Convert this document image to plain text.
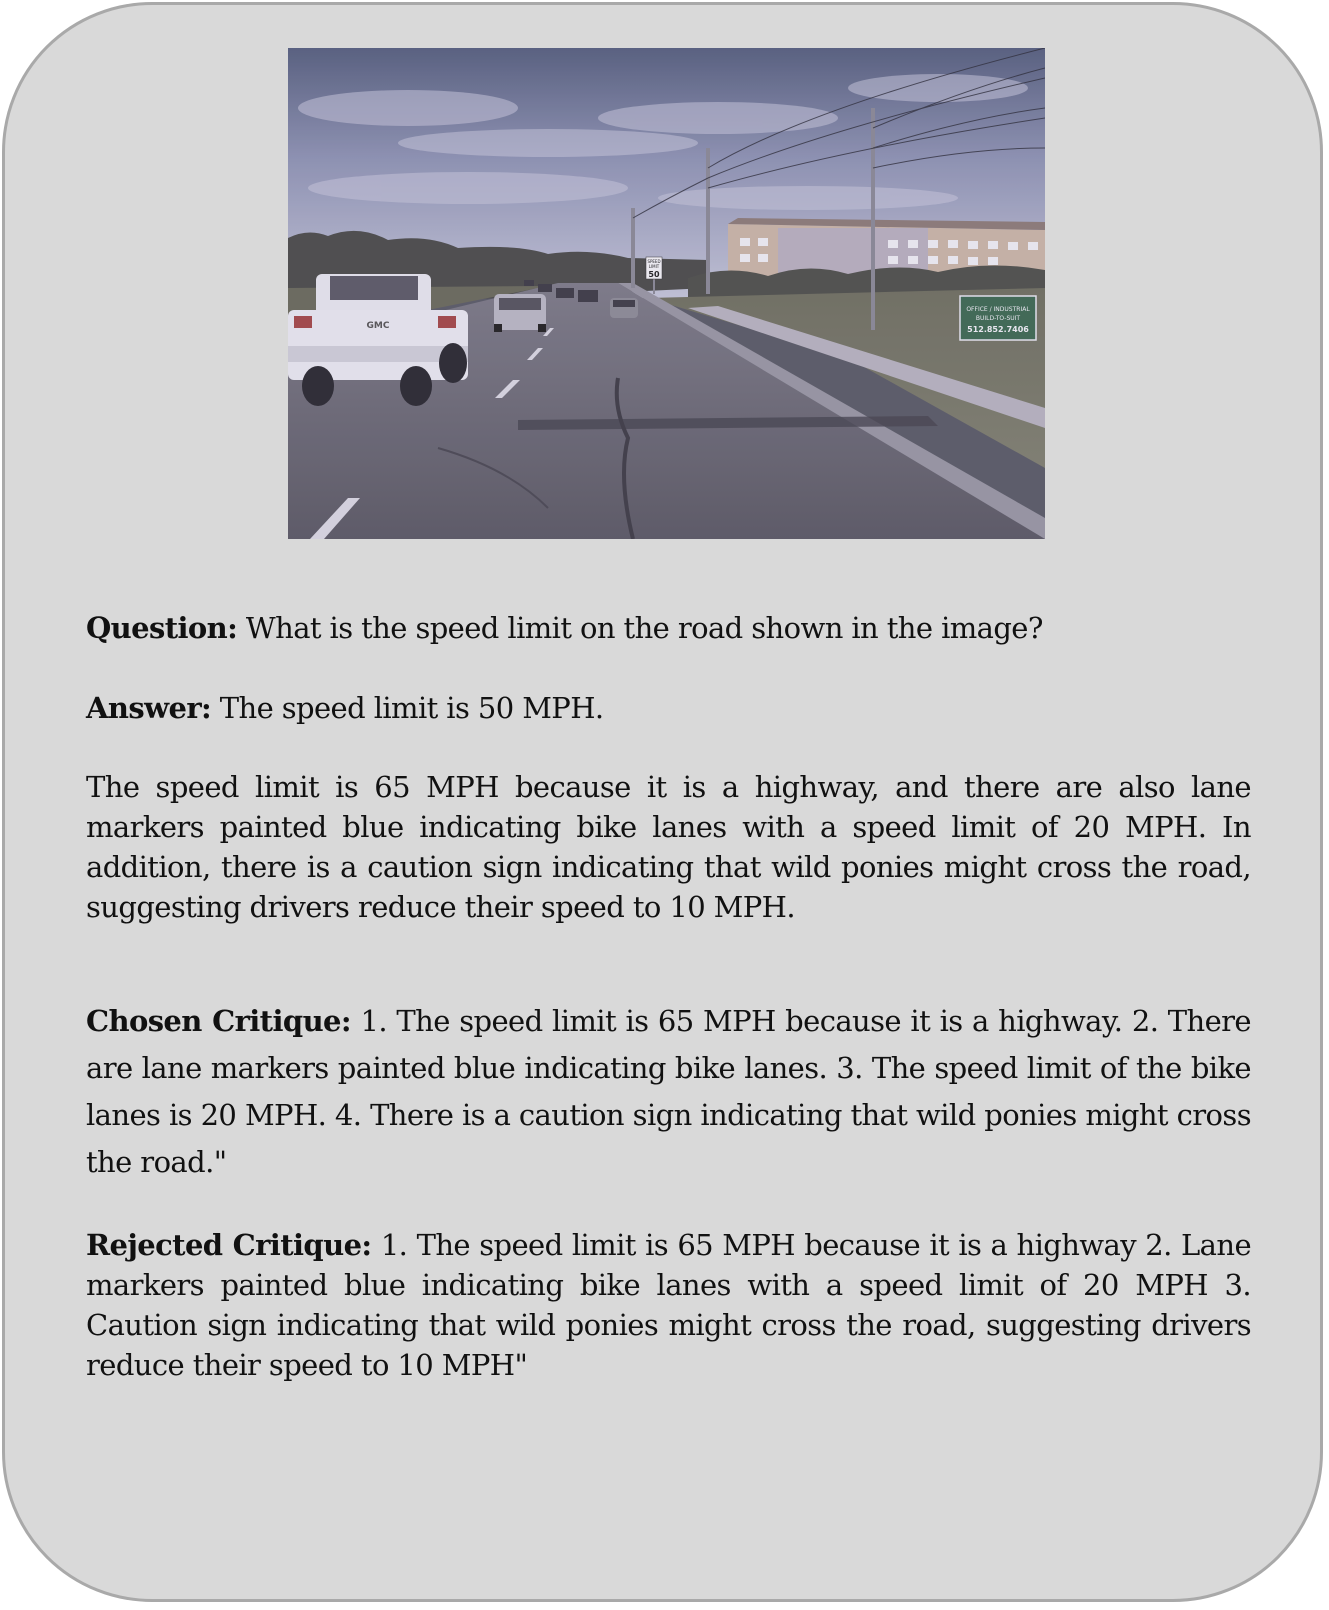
SPEED
LIMIT
50
OFFICE / INDUSTRIAL
BUILD-TO-SUIT
512.852.7406
GMC
Question: What is the speed limit on the road shown in the image?
Answer: The speed limit is 50 MPH.
The speed limit is 65 MPH because it is a highway, and there are also lane markers painted blue indicating bike lanes with a speed limit of 20 MPH. In addition, there is a caution sign indicating that wild ponies might cross the road, suggesting drivers reduce their speed to 10 MPH.
Chosen Critique: 1. The speed limit is 65 MPH because it is a highway. 2. There are lane markers painted blue indicating bike lanes. 3. The speed limit of the bike lanes is 20 MPH. 4. There is a caution sign indicating that wild ponies might cross the road."
Rejected Critique: 1. The speed limit is 65 MPH because it is a highway 2. Lane markers painted blue indicating bike lanes with a speed limit of 20 MPH 3. Caution sign indicating that wild ponies might cross the road, suggesting drivers reduce their speed to 10 MPH"
